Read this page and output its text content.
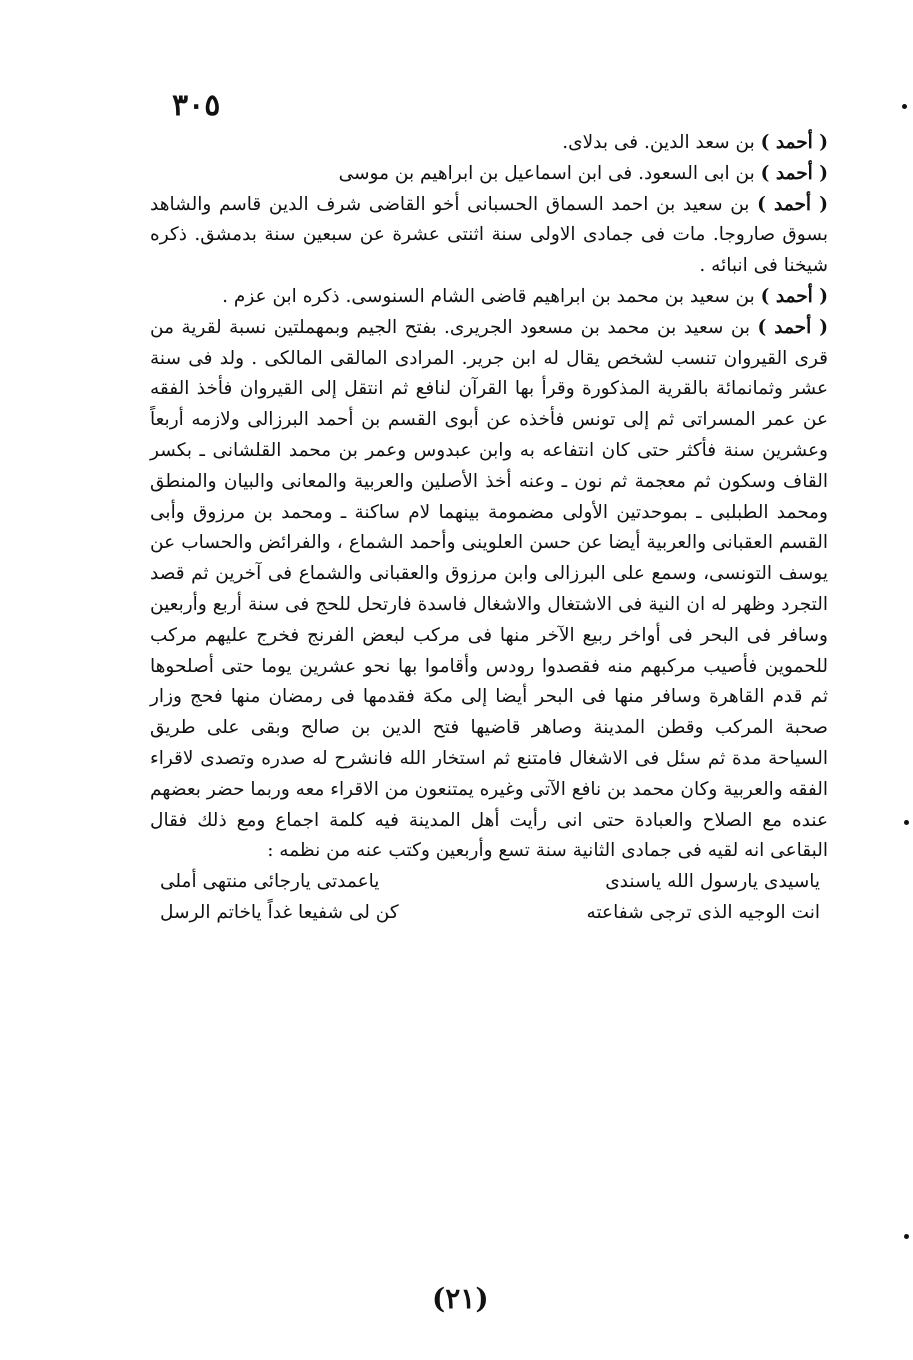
٣٠٥

( أحمد ) بن سعد الدين. فى بدلاى.

( أحمد ) بن ابى السعود. فى ابن اسماعيل بن ابراهيم بن موسى

( أحمد ) بن سعيد بن احمد السماق الحسبانى أخو القاضى شرف الدين قاسم والشاهد بسوق صاروجا. مات فى جمادى الاولى سنة اثنتى عشرة عن سبعين سنة بدمشق. ذكره شيخنا فى انبائه .

( أحمد ) بن سعيد بن محمد بن ابراهيم قاضى الشام السنوسى. ذكره ابن عزم .

( أحمد ) بن سعيد بن محمد بن مسعود الجريرى. بفتح الجيم وبمهملتين نسبة لقرية من قرى القيروان تنسب لشخص يقال له ابن جرير. المرادى المالقى المالكى . ولد فى سنة عشر وثمانمائة بالقرية المذكورة وقرأ بها القرآن لنافع ثم انتقل إلى القيروان فأخذ الفقه عن عمر المسراتى ثم إلى تونس فأخذه عن أبوى القسم بن أحمد البرزالى ولازمه أربعاً وعشرين سنة فأكثر حتى كان انتفاعه به وابن عبدوس وعمر بن محمد القلشانى ـ بكسر القاف وسكون ثم معجمة ثم نون ـ وعنه أخذ الأصلين والعربية والمعانى والبيان والمنطق ومحمد الطبلبى ـ بموحدتين الأولى مضمومة بينهما لام ساكنة ـ ومحمد بن مرزوق وأبى القسم العقبانى والعربية أيضا عن حسن العلوينى وأحمد الشماع ، والفرائض والحساب عن يوسف التونسى، وسمع على البرزالى وابن مرزوق والعقبانى والشماع فى آخرين ثم قصد التجرد وظهر له ان النية فى الاشتغال والاشغال فاسدة فارتحل للحج فى سنة أربع وأربعين وسافر فى البحر فى أواخر ربيع الآخر منها فى مركب لبعض الفرنج فخرج عليهم مركب للحموين فأصيب مركبهم منه فقصدوا رودس وأقاموا بها نحو عشرين يوما حتى أصلحوها ثم قدم القاهرة وسافر منها فى البحر أيضا إلى مكة فقدمها فى رمضان منها فحج وزار صحبة المركب وقطن المدينة وصاهر قاضيها فتح الدين بن صالح وبقى على طريق السياحة مدة ثم سئل فى الاشغال فامتنع ثم استخار الله فانشرح له صدره وتصدى لاقراء الفقه والعربية وكان محمد بن نافع الآتى وغيره يمتنعون من الاقراء معه وربما حضر بعضهم عنده مع الصلاح والعبادة حتى انى رأيت أهل المدينة فيه كلمة اجماع ومع ذلك فقال البقاعى انه لقيه فى جمادى الثانية سنة تسع وأربعين وكتب عنه من نظمه :

ياسيدى يارسول الله ياسندى
ياعمدتى يارجائى منتهى أملى
انت الوجيه الذى ترجى شفاعته
كن لى شفيعا غداً ياخاتم الرسل
(٢١)
